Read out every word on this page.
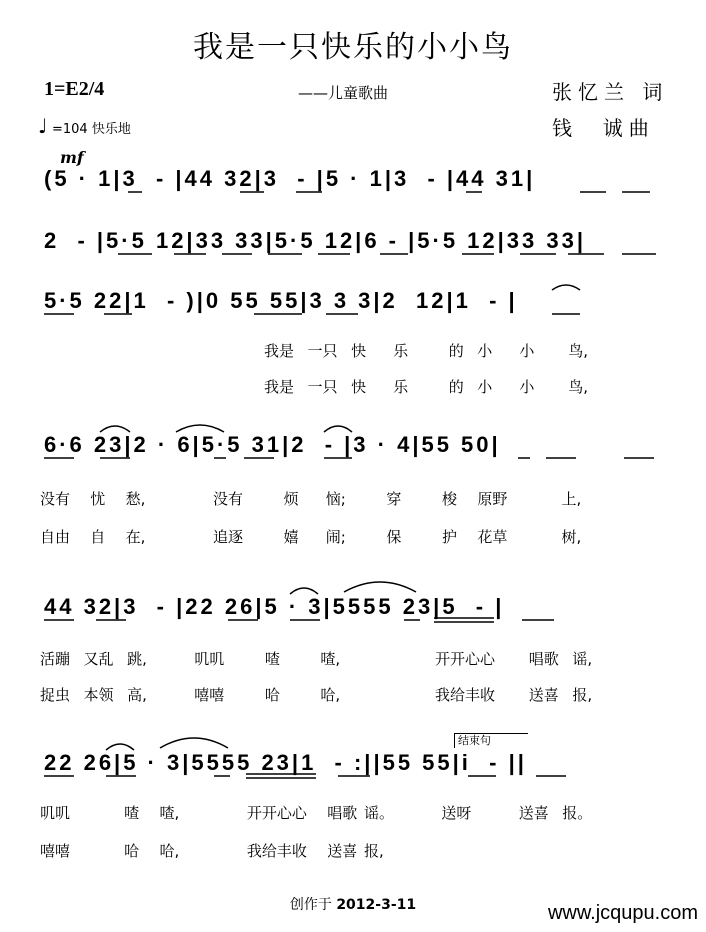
我是一只快乐的小小鸟
1=E2/4	——儿童歌曲	张忆兰 词
钱  诚曲
♩ =104 快乐地
mf
(5 · 1|3  - |44 32|3  - |5 · 1|3  - |44 31|
2  - |5·5 12|33 33|5·5 12|6 - |5·5 12|33 33|
5·5 22|1  - )|0 55 55|3 3 3|2  12|1  - |
6·6 23|2 · 6|5·5 31|2  - |3 · 4|55 50|
44 32|3  - |22 26|5 · 3|5555 23|5  - |
22 26|5 · 3|5555 23|1  - :||55 55|i  - ||
我是  一只  快    乐      的  小    小     鸟,
我是  一只  快    乐      的  小    小     鸟,
没有   忧   愁,          没有      烦    恼;      穿      梭   原野        上,
自由   自   在,          追逐      嬉    闹;      保      护   花草        树,
活蹦  又乱  跳,       叽叽      喳      喳,              开开心心     唱歌  谣,
捉虫  本领  高,       嘻嘻      哈      哈,              我给丰收     送喜  报,
叽叽        喳   喳,          开开心心   唱歌 谣。       送呀       送喜  报。
嘻嘻        哈   哈,          我给丰收   送喜 报,
结束句
创作于 2012-3-11	www.jcqupu.com
